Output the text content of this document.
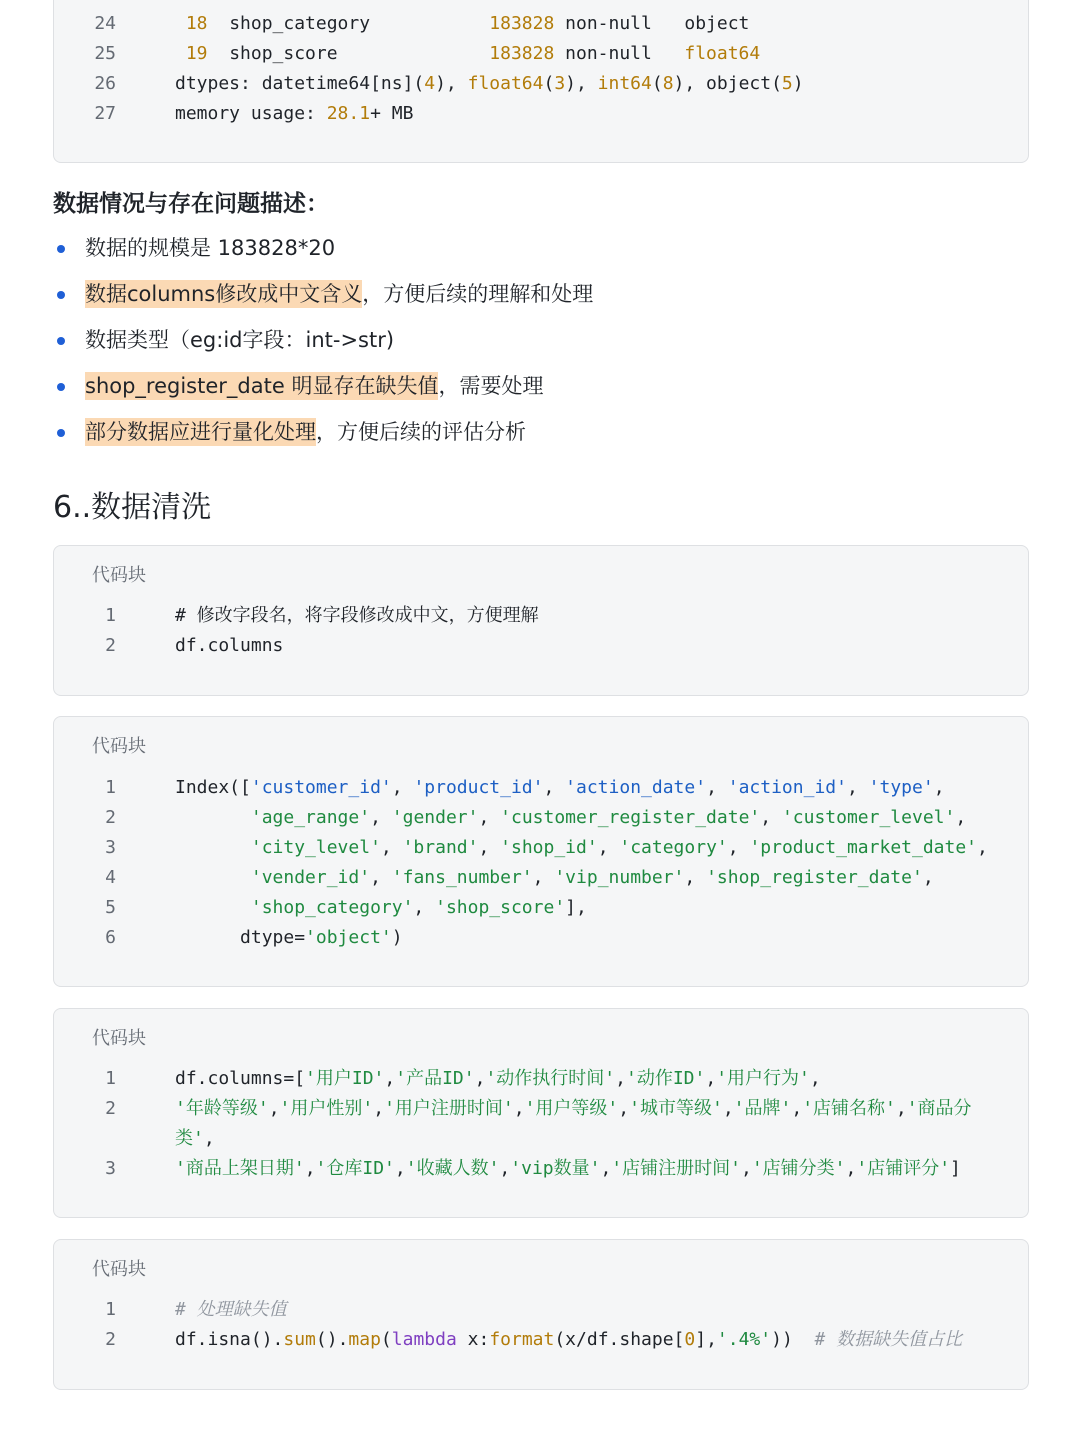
24	18  shop_category           183828 non-null   object
25	19  shop_score              183828 non-null   float64
26	dtypes: datetime64[ns](4), float64(3), int64(8), object(5)
27	memory usage: 28.1+ MB
数据情况与存在问题描述：
数据的规模是 183828*20
数据columns修改成中文含义，方便后续的理解和处理
数据类型（eg:id字段：int->str)
shop_register_date 明显存在缺失值，需要处理
部分数据应进行量化处理，方便后续的评估分析
6..数据清洗
代码块
1	# 修改字段名，将字段修改成中文，方便理解
2	df.columns
代码块
1	Index(['customer_id', 'product_id', 'action_date', 'action_id', 'type',
2	'age_range', 'gender', 'customer_register_date', 'customer_level',
3	'city_level', 'brand', 'shop_id', 'category', 'product_market_date',
4	'vender_id', 'fans_number', 'vip_number', 'shop_register_date',
5	'shop_category', 'shop_score'],
6	dtype='object')
代码块
1	df.columns=['用户ID','产品ID','动作执行时间','动作ID','用户行为',
2	'年龄等级','用户性别','用户注册时间','用户等级','城市等级','品牌','店铺名称','商品分
类',
3	'商品上架日期','仓库ID','收藏人数','vip数量','店铺注册时间','店铺分类','店铺评分']
代码块
1	# 处理缺失值
2	df.isna().sum().map(lambda x:format(x/df.shape[0],'.4%'))  # 数据缺失值占比
